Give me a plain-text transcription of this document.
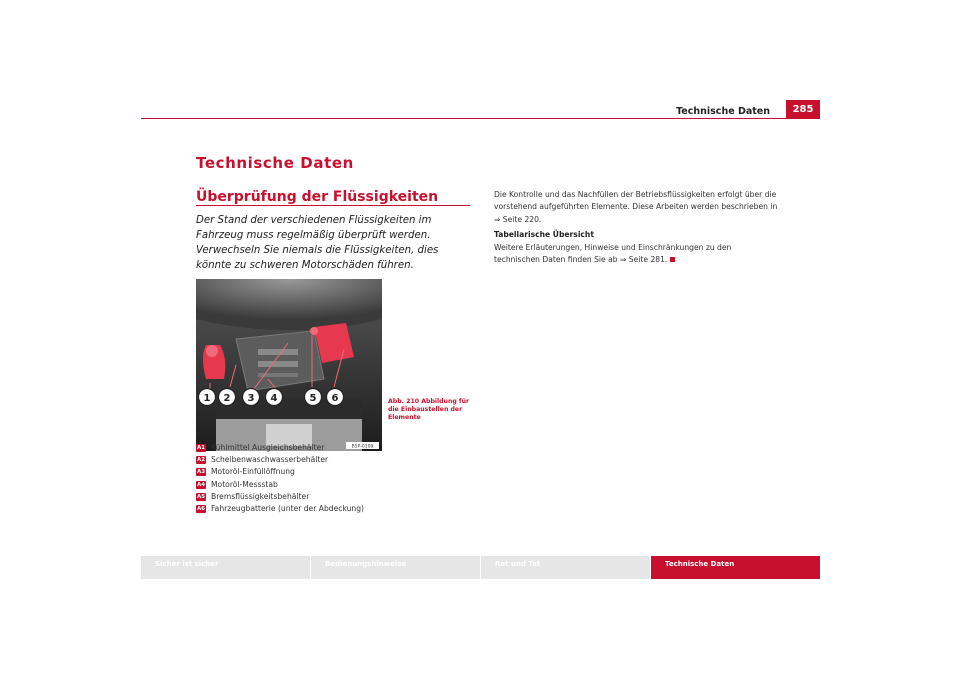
Technische Daten	285
Technische Daten
Überprüfung der Flüssigkeiten
Der Stand der verschiedenen Flüssigkeiten im Fahrzeug muss regelmäßig überprüft werden. Verwechseln Sie niemals die Flüssigkeiten, dies könnte zu schweren Motorschäden führen.
1 2 3 4	5 6
B5P-0109
Abb. 210 Abbildung für die Einbaustellen der Elemente
A1 Kühlmittel Ausgleichsbehälter
A2 Scheibenwaschwasserbehälter
A3 Motoröl-Einfüllöffnung
A4 Motoröl-Messstab
A5 Bremsflüssigkeitsbehälter
A6 Fahrzeugbatterie (unter der Abdeckung)

Die Kontrolle und das Nachfüllen der Betriebsflüssigkeiten erfolgt über die vorstehend aufgeführten Elemente. Diese Arbeiten werden beschrieben in ⇒ Seite 220.

Tabellarische Übersicht

Weitere Erläuterungen, Hinweise und Einschränkungen zu den technischen Daten finden Sie ab ⇒ Seite 281.

Sicher ist sicher	Bedienungshinweise	Rat und Tat	Technische Daten
